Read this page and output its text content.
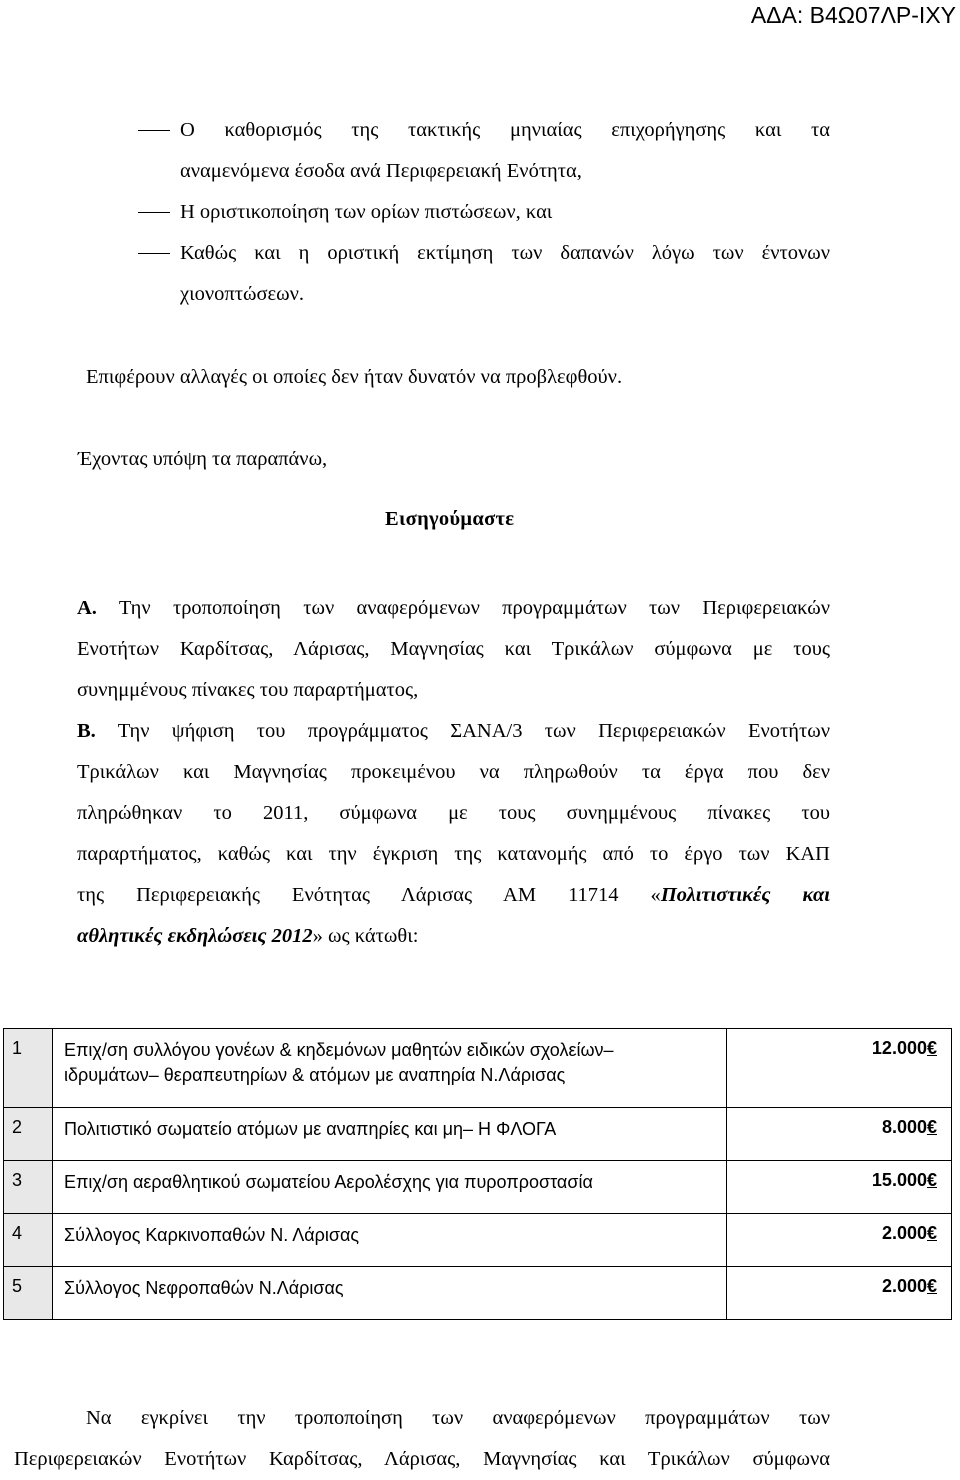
ΑΔΑ: Β4Ω07ΛΡ-ΙΧΥ
Ο καθορισμός της τακτικής μηνιαίας επιχορήγησης και τα
αναμενόμενα έσοδα ανά Περιφερειακή Ενότητα,
Η οριστικοποίηση των ορίων πιστώσεων, και
Καθώς και η οριστική εκτίμηση των δαπανών λόγω των έντονων
χιονοπτώσεων.
Επιφέρουν αλλαγές οι οποίες δεν ήταν δυνατόν να προβλεφθούν.
Έχοντας υπόψη τα παραπάνω,
Εισηγούμαστε
Α. Την τροποποίηση των αναφερόμενων προγραμμάτων των Περιφερειακών
Ενοτήτων Καρδίτσας, Λάρισας, Μαγνησίας και Τρικάλων σύμφωνα με τους
συνημμένους πίνακες του παραρτήματος,
Β. Την ψήφιση του προγράμματος ΣΑΝΑ/3 των Περιφερειακών Ενοτήτων
Τρικάλων και Μαγνησίας προκειμένου να πληρωθούν τα έργα που δεν
πληρώθηκαν το 2011, σύμφωνα με τους συνημμένους πίνακες του
παραρτήματος, καθώς και την έγκριση της κατανομής από το έργο των ΚΑΠ
της Περιφερειακής Ενότητας Λάρισας ΑΜ 11714 «Πολιτιστικές και
αθλητικές εκδηλώσεις 2012» ως κάτωθι:
1	Επιχ/ση συλλόγου γονέων & κηδεμόνων μαθητών ειδικών σχολείων–
ιδρυμάτων– θεραπευτηρίων & ατόμων με αναπηρία Ν.Λάρισας	12.000€
2	Πολιτιστικό σωματείο ατόμων με αναπηρίες και μη– Η ΦΛΟΓΑ	8.000€
3	Επιχ/ση αεραθλητικού σωματείου Αερολέσχης για πυροπροστασία	15.000€
4	Σύλλογος Καρκινοπαθών Ν. Λάρισας	2.000€
5	Σύλλογος Νεφροπαθών Ν.Λάρισας	2.000€
Να εγκρίνει την τροποποίηση των αναφερόμενων προγραμμάτων των
Περιφερειακών Ενοτήτων Καρδίτσας, Λάρισας, Μαγνησίας και Τρικάλων σύμφωνα
